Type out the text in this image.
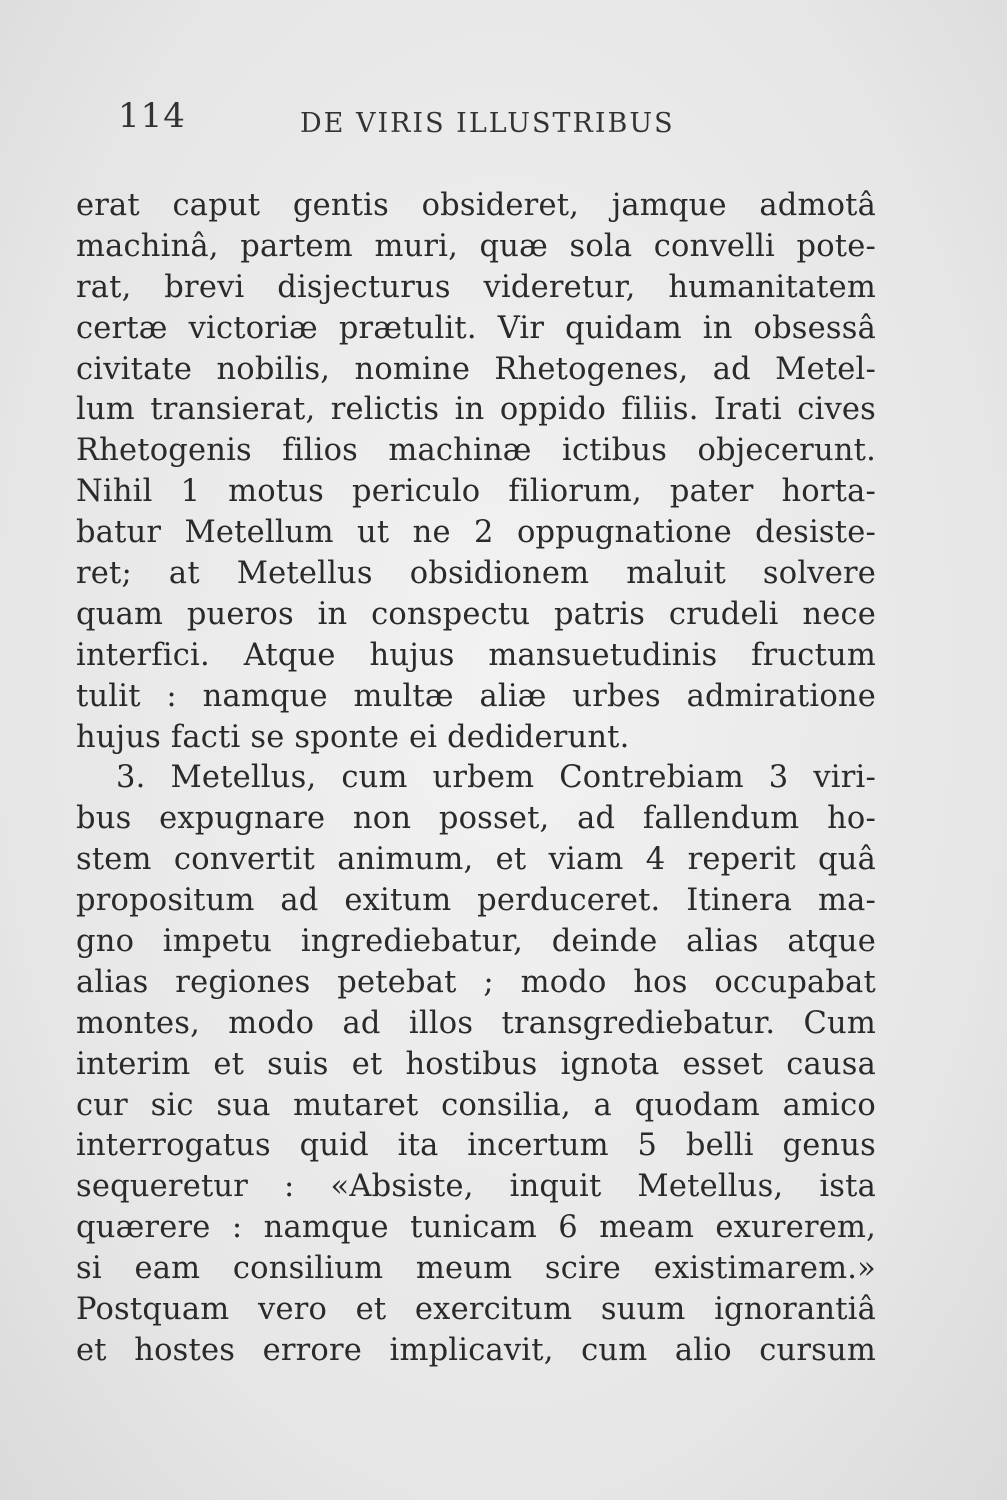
114	DE VIRIS ILLUSTRIBUS
erat caput gentis obsideret, jamque admotâ
machinâ, partem muri, quæ sola convelli pote-
rat, brevi disjecturus videretur, humanitatem
certæ victoriæ prætulit. Vir quidam in obsessâ
civitate nobilis, nomine Rhetogenes, ad Metel-
lum transierat, relictis in oppido filiis. Irati cives
Rhetogenis filios machinæ ictibus objecerunt.
Nihil 1 motus periculo filiorum, pater horta-
batur Metellum ut ne 2 oppugnatione desiste-
ret; at Metellus obsidionem maluit solvere
quam pueros in conspectu patris crudeli nece
interfici. Atque hujus mansuetudinis fructum
tulit : namque multæ aliæ urbes admiratione
hujus facti se sponte ei dediderunt.
3. Metellus, cum urbem Contrebiam 3 viri-
bus expugnare non posset, ad fallendum ho-
stem convertit animum, et viam 4 reperit quâ
propositum ad exitum perduceret. Itinera ma-
gno impetu ingrediebatur, deinde alias atque
alias regiones petebat ; modo hos occupabat
montes, modo ad illos transgrediebatur. Cum
interim et suis et hostibus ignota esset causa
cur sic sua mutaret consilia, a quodam amico
interrogatus quid ita incertum 5 belli genus
sequeretur : «Absiste, inquit Metellus, ista
quærere : namque tunicam 6 meam exurerem,
si eam consilium meum scire existimarem.»
Postquam vero et exercitum suum ignorantiâ
et hostes errore implicavit, cum alio cursum
